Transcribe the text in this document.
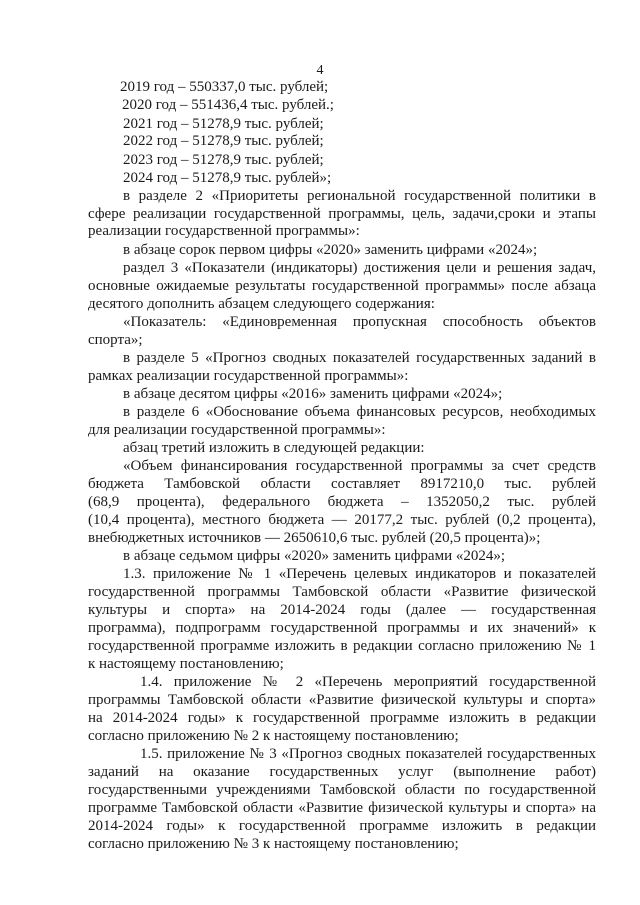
4
2019 год – 550337,0 тыс. рублей;
2020 год – 551436,4 тыс. рублей.;
2021 год – 51278,9 тыс. рублей;
2022 год – 51278,9 тыс. рублей;
2023 год – 51278,9 тыс. рублей;
2024 год – 51278,9 тыс. рублей»;
в разделе 2 «Приоритеты региональной государственной политики в
сфере реализации государственной программы, цель, задачи,сроки и этапы
реализации государственной программы»:
в абзаце сорок первом цифры «2020» заменить цифрами «2024»;
раздел 3 «Показатели (индикаторы) достижения цели и решения задач,
основные ожидаемые результаты государственной программы» после абзаца
десятого дополнить абзацем следующего содержания:
«Показатель: «Единовременная пропускная способность объектов
спорта»;
в разделе 5 «Прогноз сводных показателей государственных заданий в
рамках реализации государственной программы»:
в абзаце десятом цифры «2016» заменить цифрами «2024»;
в разделе 6 «Обоснование объема финансовых ресурсов, необходимых
для реализации государственной программы»:
абзац третий изложить в следующей редакции:
«Объем финансирования государственной программы за счет средств
бюджета Тамбовской области составляет 8917210,0 тыс. рублей
(68,9 процента), федерального бюджета – 1352050,2 тыс. рублей
(10,4 процента), местного бюджета — 20177,2 тыс. рублей (0,2 процента),
внебюджетных источников — 2650610,6 тыс. рублей (20,5 процента)»;
в абзаце седьмом цифры «2020» заменить цифрами «2024»;
1.3. приложение № 1 «Перечень целевых индикаторов и показателей
государственной программы Тамбовской области «Развитие физической
культуры и спорта» на 2014-2024 годы (далее — государственная
программа), подпрограмм государственной программы и их значений» к
государственной программе изложить в редакции согласно приложению № 1
к настоящему постановлению;
1.4. приложение № 2 «Перечень мероприятий государственной
программы Тамбовской области «Развитие физической культуры и спорта»
на 2014-2024 годы» к государственной программе изложить в редакции
согласно приложению № 2 к настоящему постановлению;
1.5. приложение № 3 «Прогноз сводных показателей государственных
заданий на оказание государственных услуг (выполнение работ)
государственными учреждениями Тамбовской области по государственной
программе Тамбовской области «Развитие физической культуры и спорта» на
2014-2024 годы» к государственной программе изложить в редакции
согласно приложению № 3 к настоящему постановлению;
